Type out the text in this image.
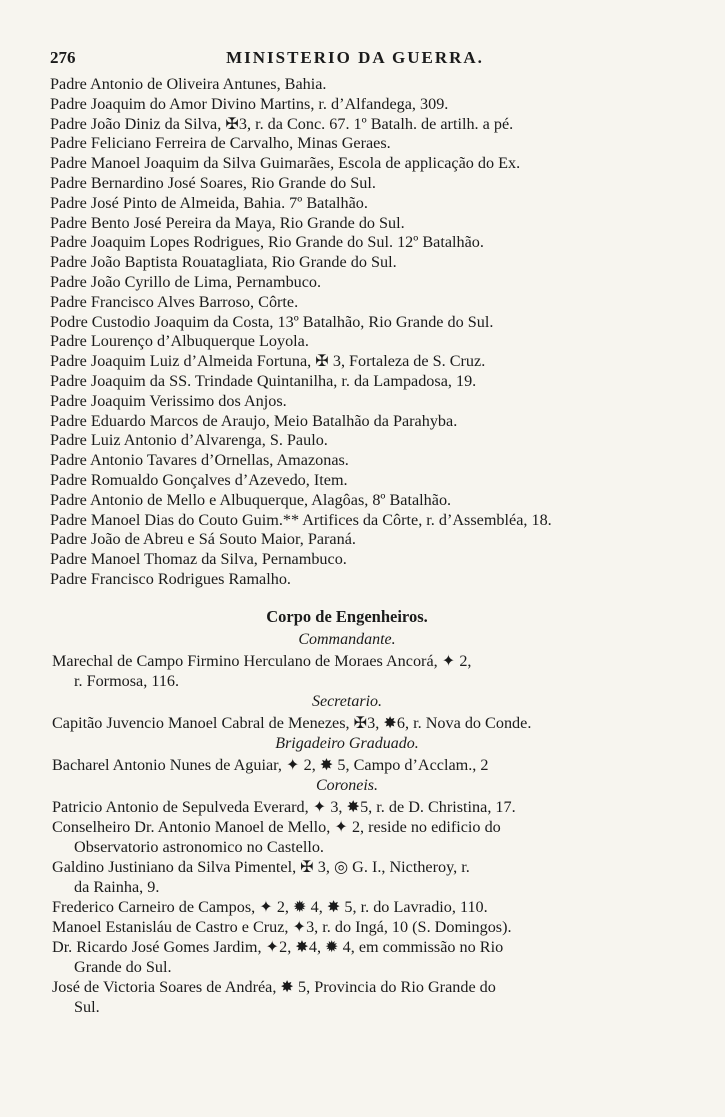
276	MINISTERIO DA GUERRA.
Padre Antonio de Oliveira Antunes, Bahia.
Padre Joaquim do Amor Divino Martins, r. d’Alfandega, 309.
Padre João Diniz da Silva, ✠3, r. da Conc. 67. 1º Batalh. de artilh. a pé.
Padre Feliciano Ferreira de Carvalho, Minas Geraes.
Padre Manoel Joaquim da Silva Guimarães, Escola de applicação do Ex.
Padre Bernardino José Soares, Rio Grande do Sul.
Padre José Pinto de Almeida, Bahia. 7º Batalhão.
Padre Bento José Pereira da Maya, Rio Grande do Sul.
Padre Joaquim Lopes Rodrigues, Rio Grande do Sul. 12º Batalhão.
Padre João Baptista Rouatagliata, Rio Grande do Sul.
Padre João Cyrillo de Lima, Pernambuco.
Padre Francisco Alves Barroso, Côrte.
Podre Custodio Joaquim da Costa, 13º Batalhão, Rio Grande do Sul.
Padre Lourenço d’Albuquerque Loyola.
Padre Joaquim Luiz d’Almeida Fortuna, ✠ 3, Fortaleza de S. Cruz.
Padre Joaquim da SS. Trindade Quintanilha, r. da Lampadosa, 19.
Padre Joaquim Verissimo dos Anjos.
Padre Eduardo Marcos de Araujo, Meio Batalhão da Parahyba.
Padre Luiz Antonio d’Alvarenga, S. Paulo.
Padre Antonio Tavares d’Ornellas, Amazonas.
Padre Romualdo Gonçalves d’Azevedo, Item.
Padre Antonio de Mello e Albuquerque, Alagôas, 8º Batalhão.
Padre Manoel Dias do Couto Guim.** Artifices da Côrte, r. d’Assembléa, 18.
Padre João de Abreu e Sá Souto Maior, Paraná.
Padre Manoel Thomaz da Silva, Pernambuco.
Padre Francisco Rodrigues Ramalho.
Corpo de Engenheiros.
Commandante.
Marechal de Campo Firmino Herculano de Moraes Ancorá, ✦ 2,
r. Formosa, 116.
Secretario.
Capitão Juvencio Manoel Cabral de Menezes, ✠3, ✸6, r. Nova do Conde.
Brigadeiro Graduado.
Bacharel Antonio Nunes de Aguiar, ✦ 2, ✸ 5, Campo d’Acclam., 2
Coroneis.
Patricio Antonio de Sepulveda Everard, ✦ 3, ✸5, r. de D. Christina, 17.
Conselheiro Dr. Antonio Manoel de Mello, ✦ 2, reside no edificio do
Observatorio astronomico no Castello.
Galdino Justiniano da Silva Pimentel, ✠ 3, ◎ G. I., Nictheroy, r.
da Rainha, 9.
Frederico Carneiro de Campos, ✦ 2, ✹ 4, ✸ 5, r. do Lavradio, 110.
Manoel Estanisláu de Castro e Cruz, ✦3, r. do Ingá, 10 (S. Domingos).
Dr. Ricardo José Gomes Jardim, ✦2, ✸4, ✹ 4, em commissão no Rio
Grande do Sul.
José de Victoria Soares de Andréa, ✸ 5, Provincia do Rio Grande do
Sul.
